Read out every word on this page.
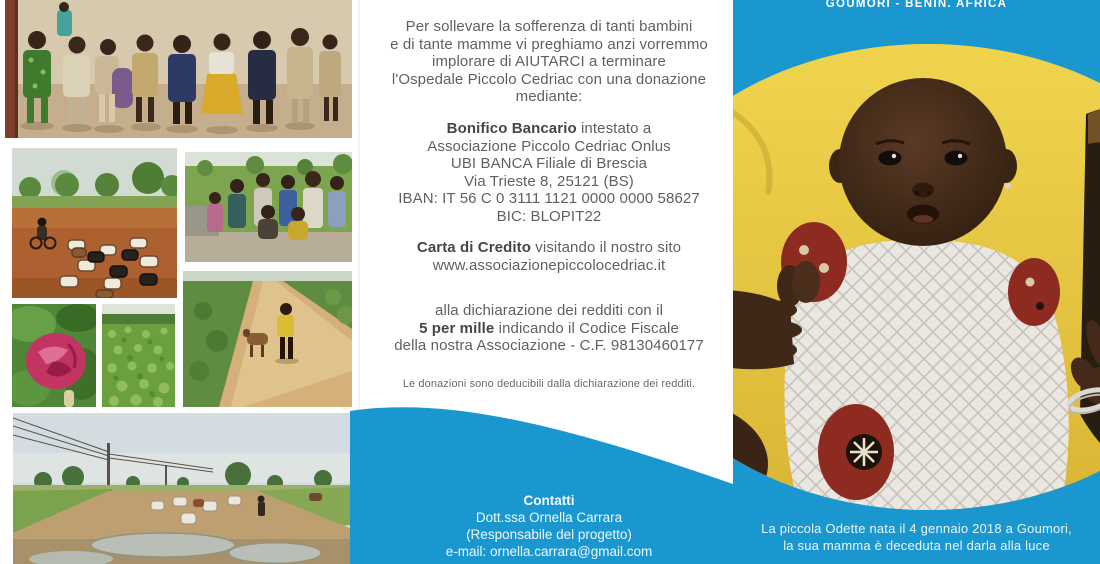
Per sollevare la sofferenza di tanti bambini
e di tante mamme vi preghiamo anzi vorremmo
implorare di AIUTARCI a terminare
l'Ospedale Piccolo Cedriac con una donazione
mediante:
Bonifico Bancario intestato a
Associazione Piccolo Cedriac Onlus
UBI BANCA Filiale di Brescia
Via Trieste 8, 25121 (BS)
IBAN: IT 56 C 0 3111 1121 0000 0000 58627
BIC: BLOPIT22
Carta di Credito visitando il nostro sito
www.associazionepiccolocedriac.it
alla dichiarazione dei redditi con il
5 per mille indicando il Codice Fiscale
della nostra Associazione - C.F. 98130460177
Le donazioni sono deducibili dalla dichiarazione dei redditi.
Contatti
Dott.ssa Ornella Carrara
(Responsabile del progetto)
e-mail: ornella.carrara@gmail.com
GOUMORI - BENIN. AFRICA
La piccola Odette nata il 4 gennaio 2018 a Goumori,
la sua mamma è deceduta nel darla alla luce
